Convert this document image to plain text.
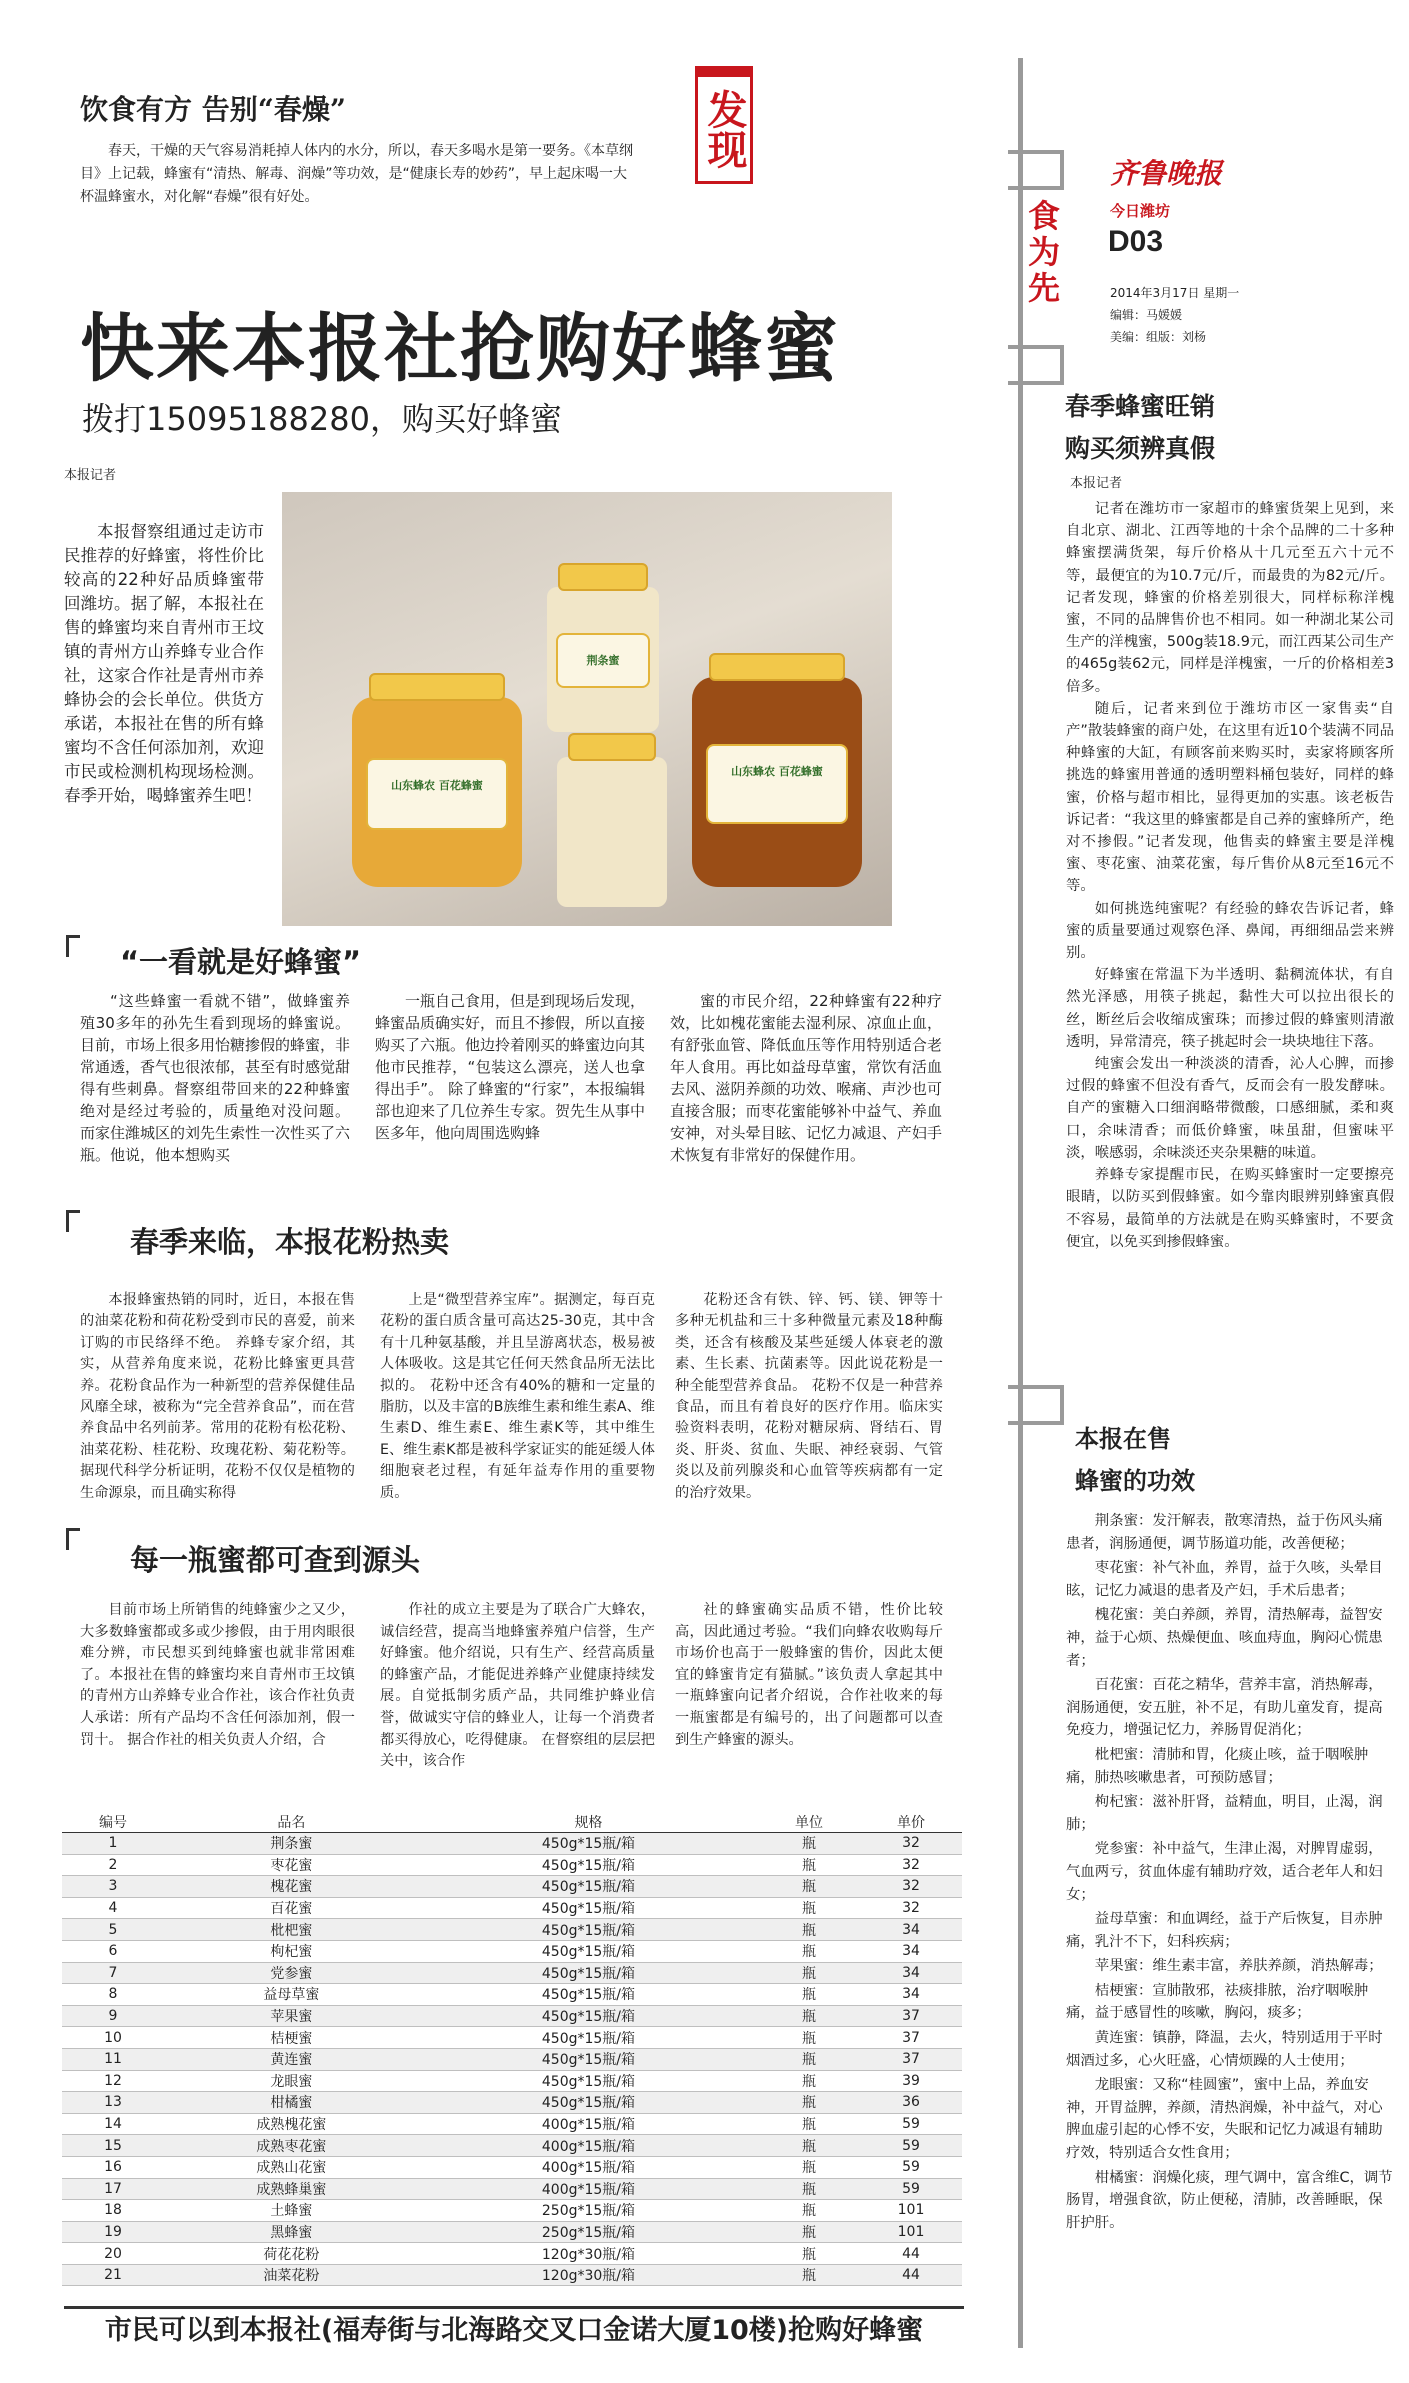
饮食有方 告别“春燥”
春天，干燥的天气容易消耗掉人体内的水分，所以，春天多喝水是第一要务。《本草纲目》上记载，蜂蜜有“清热、解毒、润燥”等功效，是“健康长寿的妙药”，早上起床喝一大杯温蜂蜜水，对化解“春燥”很有好处。
发现
食为先
齐鲁晚报
今日潍坊
D03
2014年3月17日 星期一
编辑：马媛媛
美编：组版：刘杨
快来本报社抢购好蜂蜜
拨打15095188280，购买好蜂蜜
本报记者
本报督察组通过走访市民推荐的好蜂蜜，将性价比较高的22种好品质蜂蜜带回潍坊。据了解，本报社在售的蜂蜜均来自青州市王坟镇的青州方山养蜂专业合作社，这家合作社是青州市养蜂协会的会长单位。供货方承诺，本报社在售的所有蜂蜜均不含任何添加剂，欢迎市民或检测机构现场检测。春季开始，喝蜂蜜养生吧！
山东蜂农 百花蜂蜜
荆条蜜
山东蜂农 百花蜂蜜
“一看就是好蜂蜜”
“这些蜂蜜一看就不错”，做蜂蜜养殖30多年的孙先生看到现场的蜂蜜说。目前，市场上很多用怡糖掺假的蜂蜜，非常通透，香气也很浓郁，甚至有时感觉甜得有些刺鼻。督察组带回来的22种蜂蜜绝对是经过考验的，质量绝对没问题。 而家住潍城区的刘先生索性一次性买了六瓶。他说，他本想购买
一瓶自己食用，但是到现场后发现，蜂蜜品质确实好，而且不掺假，所以直接购买了六瓶。他边拎着刚买的蜂蜜边向其他市民推荐，“包装这么漂亮，送人也拿得出手”。 除了蜂蜜的“行家”，本报编辑部也迎来了几位养生专家。贺先生从事中医多年，他向周围选购蜂
蜜的市民介绍，22种蜂蜜有22种疗效，比如槐花蜜能去湿利尿、凉血止血，有舒张血管、降低血压等作用特别适合老年人食用。再比如益母草蜜，常饮有活血去风、滋阴养颜的功效、喉痛、声沙也可直接含服；而枣花蜜能够补中益气、养血安神，对头晕目眩、记忆力减退、产妇手术恢复有非常好的保健作用。
春季来临，本报花粉热卖
本报蜂蜜热销的同时，近日，本报在售的油菜花粉和荷花粉受到市民的喜爱，前来订购的市民络绎不绝。 养蜂专家介绍，其实，从营养角度来说，花粉比蜂蜜更具营养。花粉食品作为一种新型的营养保健佳品风靡全球，被称为“完全营养食品”，而在营养食品中名列前茅。常用的花粉有松花粉、油菜花粉、桂花粉、玫瑰花粉、菊花粉等。据现代科学分析证明，花粉不仅仅是植物的生命源泉，而且确实称得
上是“微型营养宝库”。据测定，每百克花粉的蛋白质含量可高达25-30克，其中含有十几种氨基酸，并且呈游离状态，极易被人体吸收。这是其它任何天然食品所无法比拟的。 花粉中还含有40%的糖和一定量的脂肪，以及丰富的B族维生素和维生素A、维生素D、维生素E、维生素K等，其中维生E、维生素K都是被科学家证实的能延缓人体细胞衰老过程，有延年益寿作用的重要物质。
花粉还含有铁、锌、钙、镁、钾等十多种无机盐和三十多种微量元素及18种酶类，还含有核酸及某些延缓人体衰老的激素、生长素、抗菌素等。因此说花粉是一种全能型营养食品。 花粉不仅是一种营养食品，而且有着良好的医疗作用。临床实验资料表明，花粉对糖尿病、肾结石、胃炎、肝炎、贫血、失眠、神经衰弱、气管炎以及前列腺炎和心血管等疾病都有一定的治疗效果。
每一瓶蜜都可查到源头
目前市场上所销售的纯蜂蜜少之又少，大多数蜂蜜都或多或少掺假，由于用肉眼很难分辨，市民想买到纯蜂蜜也就非常困难了。本报社在售的蜂蜜均来自青州市王坟镇的青州方山养蜂专业合作社，该合作社负责人承诺：所有产品均不含任何添加剂，假一罚十。 据合作社的相关负责人介绍，合
作社的成立主要是为了联合广大蜂农，诚信经营，提高当地蜂蜜养殖户信誉，生产好蜂蜜。他介绍说，只有生产、经营高质量的蜂蜜产品，才能促进养蜂产业健康持续发展。自觉抵制劣质产品，共同维护蜂业信誉，做诚实守信的蜂业人，让每一个消费者都买得放心，吃得健康。 在督察组的层层把关中，该合作
社的蜂蜜确实品质不错，性价比较高，因此通过考验。“我们向蜂农收购每斤市场价也高于一般蜂蜜的售价，因此太便宜的蜂蜜肯定有猫腻。”该负责人拿起其中一瓶蜂蜜向记者介绍说，合作社收来的每一瓶蜜都是有编号的，出了问题都可以查到生产蜂蜜的源头。
编号	品名	规格	单位	单价
1	荆条蜜	450g*15瓶/箱	瓶	32
2	枣花蜜	450g*15瓶/箱	瓶	32
3	槐花蜜	450g*15瓶/箱	瓶	32
4	百花蜜	450g*15瓶/箱	瓶	32
5	枇杷蜜	450g*15瓶/箱	瓶	34
6	枸杞蜜	450g*15瓶/箱	瓶	34
7	党参蜜	450g*15瓶/箱	瓶	34
8	益母草蜜	450g*15瓶/箱	瓶	34
9	苹果蜜	450g*15瓶/箱	瓶	37
10	桔梗蜜	450g*15瓶/箱	瓶	37
11	黄连蜜	450g*15瓶/箱	瓶	37
12	龙眼蜜	450g*15瓶/箱	瓶	39
13	柑橘蜜	450g*15瓶/箱	瓶	36
14	成熟槐花蜜	400g*15瓶/箱	瓶	59
15	成熟枣花蜜	400g*15瓶/箱	瓶	59
16	成熟山花蜜	400g*15瓶/箱	瓶	59
17	成熟蜂巢蜜	400g*15瓶/箱	瓶	59
18	土蜂蜜	250g*15瓶/箱	瓶	101
19	黑蜂蜜	250g*15瓶/箱	瓶	101
20	荷花花粉	120g*30瓶/箱	瓶	44
21	油菜花粉	120g*30瓶/箱	瓶	44
市民可以到本报社(福寿街与北海路交叉口金诺大厦10楼)抢购好蜂蜜
春季蜂蜜旺销
购买须辨真假
本报记者

记者在潍坊市一家超市的蜂蜜货架上见到，来自北京、湖北、江西等地的十余个品牌的二十多种蜂蜜摆满货架，每斤价格从十几元至五六十元不等，最便宜的为10.7元/斤，而最贵的为82元/斤。记者发现，蜂蜜的价格差别很大，同样标称洋槐蜜，不同的品牌售价也不相同。如一种湖北某公司生产的洋槐蜜，500g装18.9元，而江西某公司生产的465g装62元，同样是洋槐蜜，一斤的价格相差3倍多。

随后，记者来到位于潍坊市区一家售卖“自产”散装蜂蜜的商户处，在这里有近10个装满不同品种蜂蜜的大缸，有顾客前来购买时，卖家将顾客所挑选的蜂蜜用普通的透明塑料桶包装好，同样的蜂蜜，价格与超市相比，显得更加的实惠。该老板告诉记者：“我这里的蜂蜜都是自己养的蜜蜂所产，绝对不掺假。”记者发现，他售卖的蜂蜜主要是洋槐蜜、枣花蜜、油菜花蜜，每斤售价从8元至16元不等。

如何挑选纯蜜呢？有经验的蜂农告诉记者，蜂蜜的质量要通过观察色泽、鼻闻，再细细品尝来辨别。

好蜂蜜在常温下为半透明、黏稠流体状，有自然光泽感，用筷子挑起，黏性大可以拉出很长的丝，断丝后会收缩成蜜珠；而掺过假的蜂蜜则清澈透明，异常清亮，筷子挑起时会一块块地往下落。

纯蜜会发出一种淡淡的清香，沁人心脾，而掺过假的蜂蜜不但没有香气，反而会有一股发酵味。自产的蜜糖入口细润略带微酸，口感细腻，柔和爽口，余味清香；而低价蜂蜜，味虽甜，但蜜味平淡，喉感弱，余味淡还夹杂果糖的味道。

养蜂专家提醒市民，在购买蜂蜜时一定要擦亮眼睛，以防买到假蜂蜜。如今靠肉眼辨别蜂蜜真假不容易，最简单的方法就是在购买蜂蜜时，不要贪便宜，以免买到掺假蜂蜜。

本报在售
蜂蜜的功效

荆条蜜：发汗解表，散寒清热，益于伤风头痛患者，润肠通便，调节肠道功能，改善便秘；

枣花蜜：补气补血，养胃，益于久咳，头晕目眩，记忆力减退的患者及产妇，手术后患者；

槐花蜜：美白养颜，养胃，清热解毒，益智安神，益于心烦、热燥便血、咳血痔血，胸闷心慌患者；

百花蜜：百花之精华，营养丰富，消热解毒，润肠通便，安五脏，补不足，有助儿童发育，提高免疫力，增强记忆力，养肠胃促消化；

枇杷蜜：清肺和胃，化痰止咳，益于咽喉肿痛，肺热咳嗽患者，可预防感冒；

枸杞蜜：滋补肝肾，益精血，明目，止渴，润肺；

党参蜜：补中益气，生津止渴，对脾胃虚弱，气血两亏，贫血体虚有辅助疗效，适合老年人和妇女；

益母草蜜：和血调经，益于产后恢复，目赤肿痛，乳汁不下，妇科疾病；

苹果蜜：维生素丰富，养肤养颜，消热解毒；

桔梗蜜：宣肺散邪，祛痰排脓，治疗咽喉肿痛，益于感冒性的咳嗽，胸闷，痰多；

黄连蜜：镇静，降温，去火，特别适用于平时烟酒过多，心火旺盛，心情烦躁的人士使用；

龙眼蜜：又称“桂圆蜜”，蜜中上品，养血安神，开胃益脾，养颜，清热润燥，补中益气，对心脾血虚引起的心悸不安，失眠和记忆力减退有辅助疗效，特别适合女性食用；

柑橘蜜：润燥化痰，理气调中，富含维C，调节肠胃，增强食欲，防止便秘，清肺，改善睡眠，保肝护肝。
